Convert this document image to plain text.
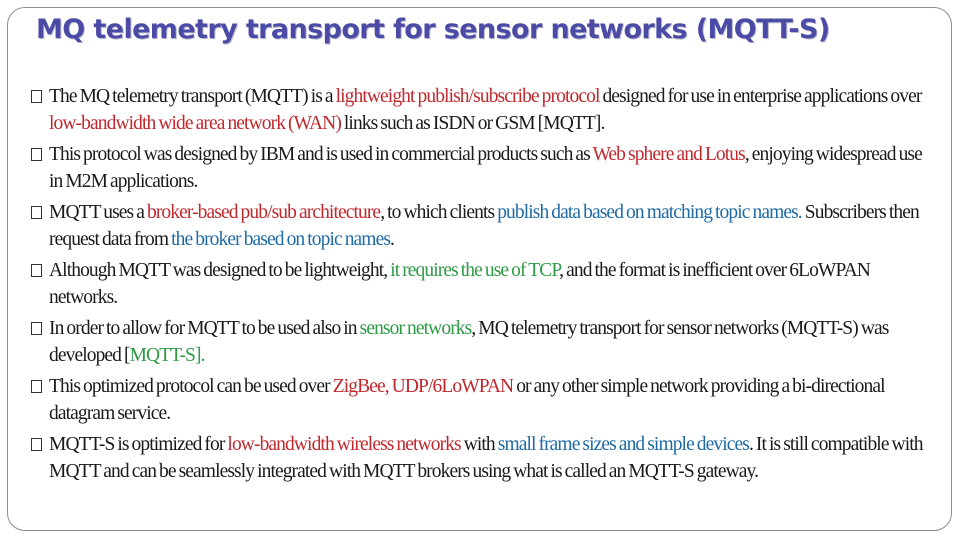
MQ telemetry transport for sensor networks (MQTT-S)
The MQ telemetry transport (MQTT) is a lightweight publish/subscribe protocol designed for use in enterprise applications over low-bandwidth wide area network (WAN) links such as ISDN or GSM [MQTT].
This protocol was designed by IBM and is used in commercial products such as Web sphere and Lotus, enjoying widespread use in M2M applications.
MQTT uses a broker-based pub/sub architecture, to which clients publish data based on matching topic names. Subscribers then request data from the broker based on topic names.
Although MQTT was designed to be lightweight, it requires the use of TCP, and the format is inefficient over 6LoWPAN networks.
In order to allow for MQTT to be used also in sensor networks, MQ telemetry transport for sensor networks (MQTT-S) was developed [MQTT-S].
This optimized protocol can be used over ZigBee, UDP/6LoWPAN or any other simple network providing a bi-directional datagram service.
MQTT-S is optimized for low-bandwidth wireless networks with small frame sizes and simple devices. It is still compatible with MQTT and can be seamlessly integrated with MQTT brokers using what is called an MQTT-S gateway.
